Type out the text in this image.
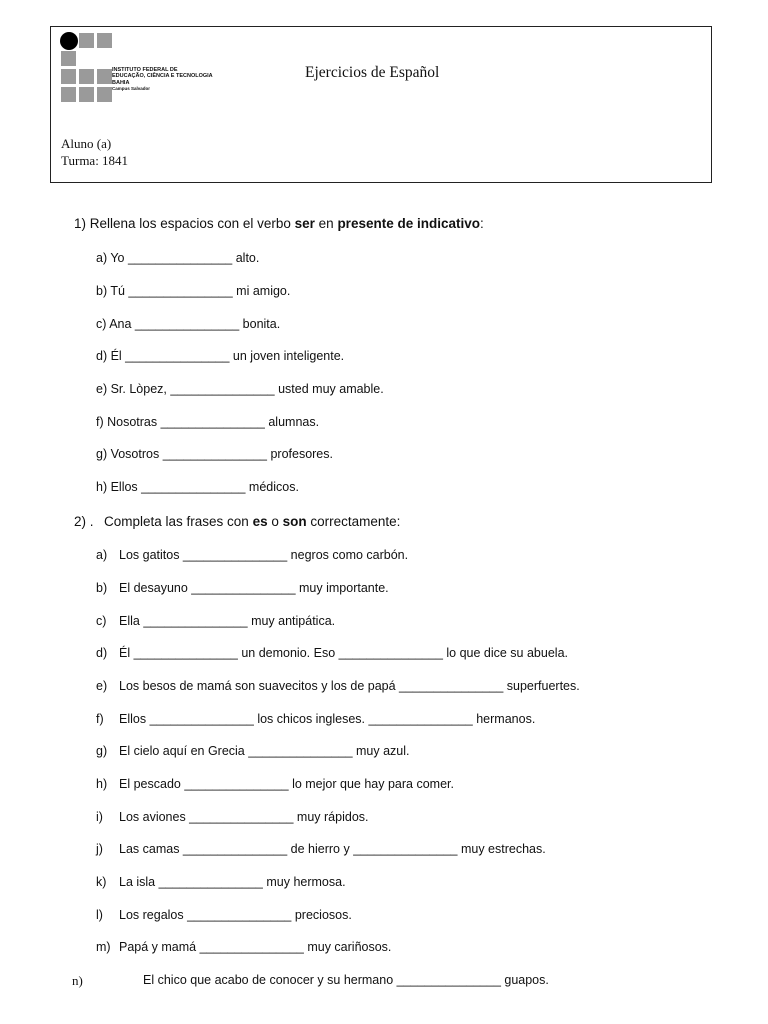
INSTITUTO FEDERAL DE
EDUCAÇÃO, CIÊNCIA E TECNOLOGIA
BAHIA
Campus Salvador
Ejercicios de Español
Aluno (a)
Turma: 1841
1) Rellena los espacios con el verbo ser en presente de indicativo:
a) Yo _______________ alto.
b) Tú _______________ mi amigo.
c) Ana _______________ bonita.
d) Él _______________ un joven inteligente.
e) Sr. Lòpez, _______________ usted muy amable.
f) Nosotras _______________ alumnas.
g) Vosotros _______________ profesores.
h) Ellos _______________ médicos.
2) . Completa las frases con es o son correctamente:
a) Los gatitos _______________ negros como carbón.
b) El desayuno _______________ muy importante.
c) Ella _______________ muy antipática.
d) Él _______________ un demonio. Eso _______________ lo que dice su abuela.
e) Los besos de mamá son suavecitos y los de papá _______________ superfuertes.
f) Ellos _______________ los chicos ingleses. _______________ hermanos.
g) El cielo aquí en Grecia _______________ muy azul.
h) El pescado _______________ lo mejor que hay para comer.
i) Los aviones _______________ muy rápidos.
j) Las camas _______________ de hierro y _______________ muy estrechas.
k) La isla _______________ muy hermosa.
l) Los regalos _______________ preciosos.
m) Papá y mamá _______________ muy cariñosos.
n)	El chico que acabo de conocer y su hermano _______________ guapos.
